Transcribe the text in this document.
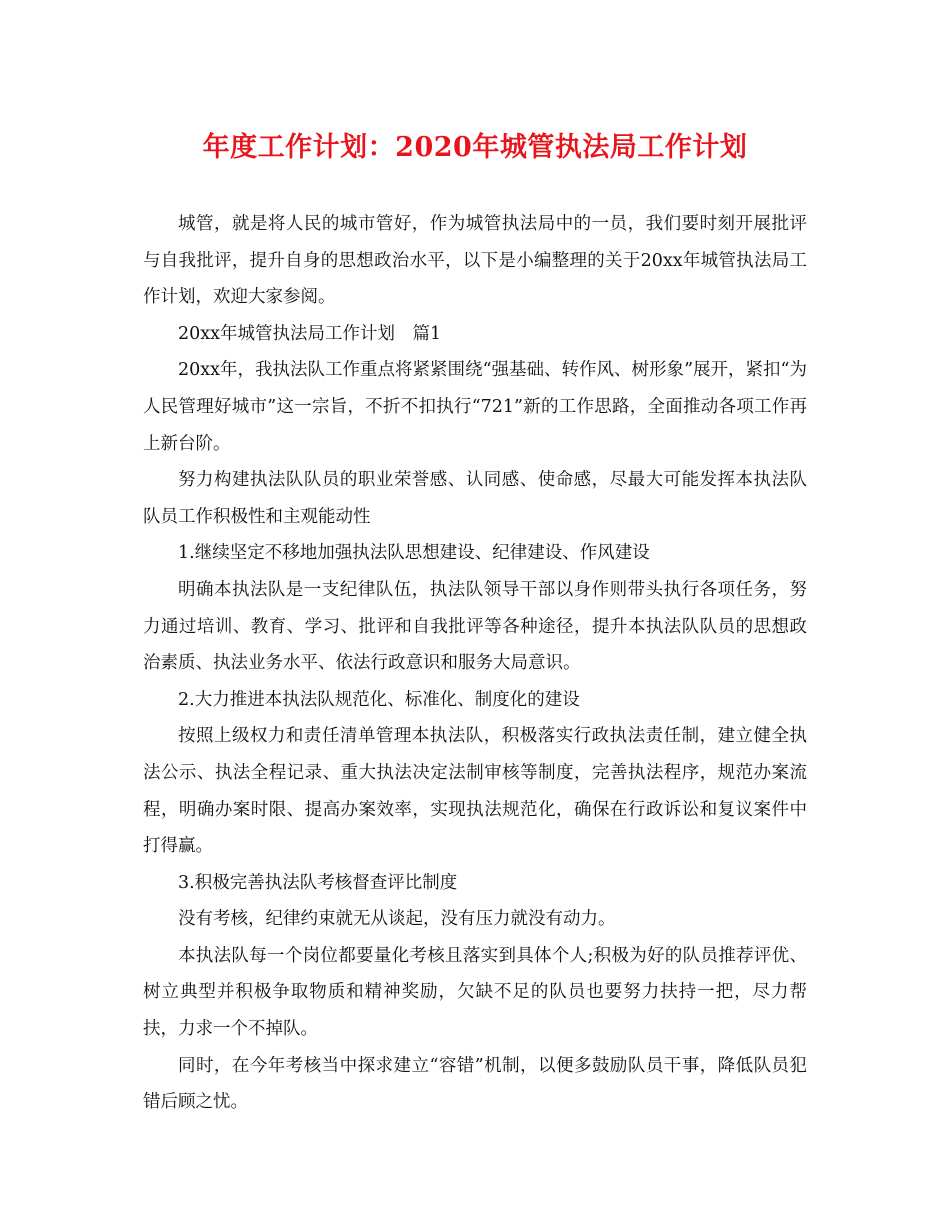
年度工作计划：2020年城管执法局工作计划

城管，就是将人民的城市管好，作为城管执法局中的一员，我们要时刻开展批评与自我批评，提升自身的思想政治水平，以下是小编整理的关于20xx年城管执法局工作计划，欢迎大家参阅。

20xx年城管执法局工作计划　篇1

20xx年，我执法队工作重点将紧紧围绕“强基础、转作风、树形象”展开，紧扣“为人民管理好城市”这一宗旨，不折不扣执行“721”新的工作思路，全面推动各项工作再上新台阶。

努力构建执法队队员的职业荣誉感、认同感、使命感，尽最大可能发挥本执法队队员工作积极性和主观能动性

1.继续坚定不移地加强执法队思想建设、纪律建设、作风建设

明确本执法队是一支纪律队伍，执法队领导干部以身作则带头执行各项任务，努力通过培训、教育、学习、批评和自我批评等各种途径，提升本执法队队员的思想政治素质、执法业务水平、依法行政意识和服务大局意识。

2.大力推进本执法队规范化、标准化、制度化的建设

按照上级权力和责任清单管理本执法队，积极落实行政执法责任制，建立健全执法公示、执法全程记录、重大执法决定法制审核等制度，完善执法程序，规范办案流程，明确办案时限、提高办案效率，实现执法规范化，确保在行政诉讼和复议案件中打得赢。

3.积极完善执法队考核督查评比制度

没有考核，纪律约束就无从谈起，没有压力就没有动力。

本执法队每一个岗位都要量化考核且落实到具体个人;积极为好的队员推荐评优、树立典型并积极争取物质和精神奖励，欠缺不足的队员也要努力扶持一把，尽力帮扶，力求一个不掉队。

同时，在今年考核当中探求建立“容错”机制，以便多鼓励队员干事，降低队员犯错后顾之忧。
